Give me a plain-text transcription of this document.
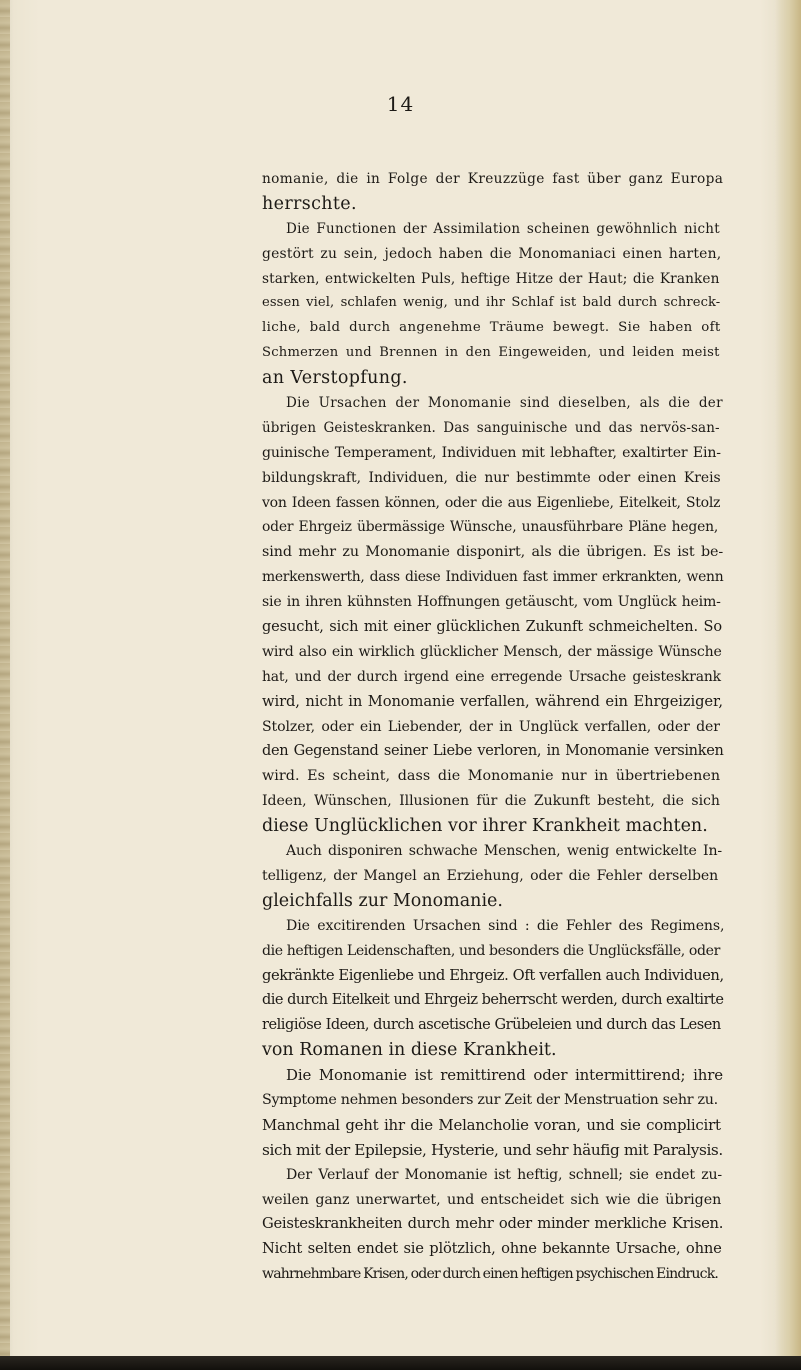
14
nomanie, die in Folge der Kreuzzüge fast über ganz Europa
herrschte.
Die Functionen der Assimilation scheinen gewöhnlich nicht
gestört zu sein, jedoch haben die Monomaniaci einen harten,
starken, entwickelten Puls, heftige Hitze der Haut; die Kranken
essen viel, schlafen wenig, und ihr Schlaf ist bald durch schreck-
liche, bald durch angenehme Träume bewegt. Sie haben oft
Schmerzen und Brennen in den Eingeweiden, und leiden meist
an Verstopfung.
Die Ursachen der Monomanie sind dieselben, als die der
übrigen Geisteskranken. Das sanguinische und das nervös-san-
guinische Temperament, Individuen mit lebhafter, exaltirter Ein-
bildungskraft, Individuen, die nur bestimmte oder einen Kreis
von Ideen fassen können, oder die aus Eigenliebe, Eitelkeit, Stolz
oder Ehrgeiz übermässige Wünsche, unausführbare Pläne hegen,
sind mehr zu Monomanie disponirt, als die übrigen. Es ist be-
merkenswerth, dass diese Individuen fast immer erkrankten, wenn
sie in ihren kühnsten Hoffnungen getäuscht, vom Unglück heim-
gesucht, sich mit einer glücklichen Zukunft schmeichelten. So
wird also ein wirklich glücklicher Mensch, der mässige Wünsche
hat, und der durch irgend eine erregende Ursache geisteskrank
wird, nicht in Monomanie verfallen, während ein Ehrgeiziger,
Stolzer, oder ein Liebender, der in Unglück verfallen, oder der
den Gegenstand seiner Liebe verloren, in Monomanie versinken
wird. Es scheint, dass die Monomanie nur in übertriebenen
Ideen, Wünschen, Illusionen für die Zukunft besteht, die sich
diese Unglücklichen vor ihrer Krankheit machten.
Auch disponiren schwache Menschen, wenig entwickelte In-
telligenz, der Mangel an Erziehung, oder die Fehler derselben
gleichfalls zur Monomanie.
Die excitirenden Ursachen sind : die Fehler des Regimens,
die heftigen Leidenschaften, und besonders die Unglücksfälle, oder
gekränkte Eigenliebe und Ehrgeiz. Oft verfallen auch Individuen,
die durch Eitelkeit und Ehrgeiz beherrscht werden, durch exaltirte
religiöse Ideen, durch ascetische Grübeleien und durch das Lesen
von Romanen in diese Krankheit.
Die Monomanie ist remittirend oder intermittirend; ihre
Symptome nehmen besonders zur Zeit der Menstruation sehr zu.
Manchmal geht ihr die Melancholie voran, und sie complicirt
sich mit der Epilepsie, Hysterie, und sehr häufig mit Paralysis.
Der Verlauf der Monomanie ist heftig, schnell; sie endet zu-
weilen ganz unerwartet, und entscheidet sich wie die übrigen
Geisteskrankheiten durch mehr oder minder merkliche Krisen.
Nicht selten endet sie plötzlich, ohne bekannte Ursache, ohne
wahrnehmbare Krisen, oder durch einen heftigen psychischen Eindruck.
